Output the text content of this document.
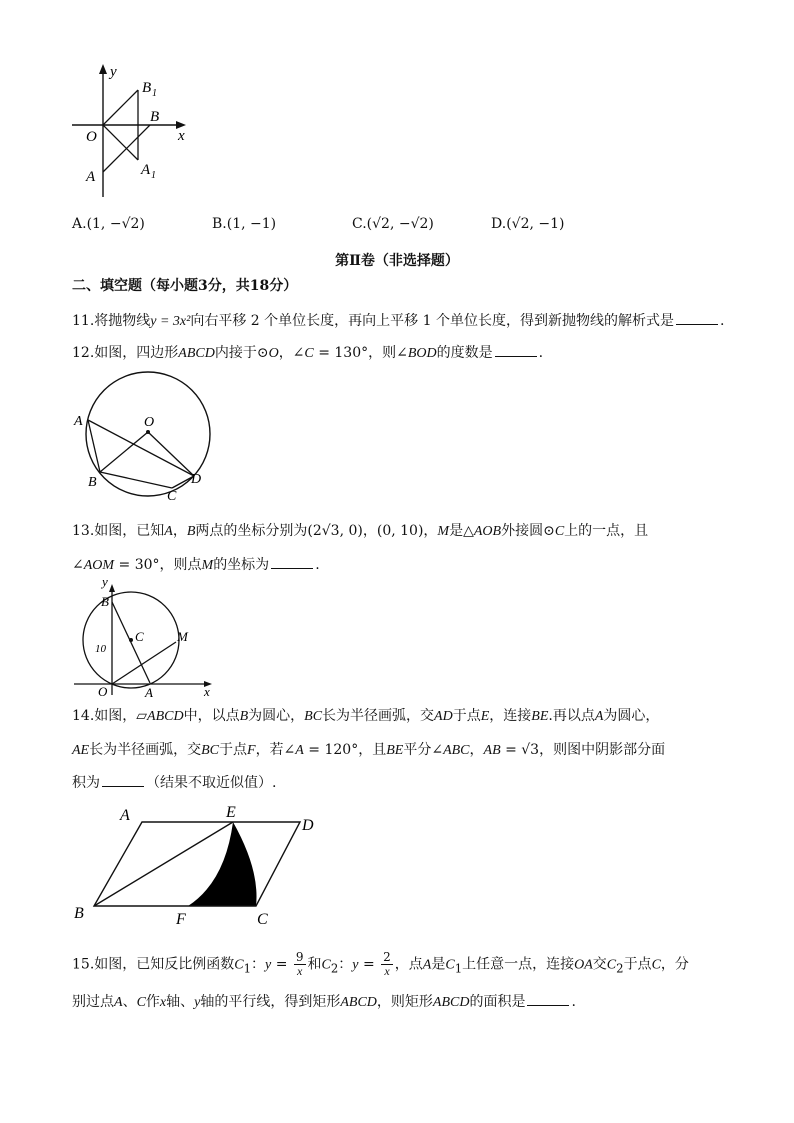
y
B 1
B
x
O
A	A 1
A.(1, −√2)	B.(1, −1)	C.(√2, −√2)	D.(√2, −1)
第Ⅱ卷（非选择题）
二、填空题（每小题3分，共18分）
11.将抛物线y = 3x²向右平移 2 个单位长度，再向上平移 1 个单位长度，得到新抛物线的解析式是	.
12.如图，四边形ABCD内接于⊙O，∠C = 130°，则∠BOD的度数是	.
A	O
B
C
D
13.如图，已知A，B两点的坐标分别为(2√3, 0)，(0, 10)，M是△AOB外接圆⊙C上的一点，且
∠AOM = 30°，则点M的坐标为	.
y
B
C	M
10
O	A	x
14.如图，▱ABCD中，以点B为圆心，BC长为半径画弧，交AD于点E，连接BE.再以点A为圆心，
AE长为半径画弧，交BC于点F，若∠A = 120°，且BE平分∠ABC，AB = √3，则图中阴影部分面
积为	（结果不取近似值）.
A	E
D
B	F	C
15.如图，已知反比例函数$C_1$：$y = \frac{9}{x}$ 和$C_2$：$y = \frac{2}{x}$ ，点A是$C_1$上任意一点，连接OA交$C_2$于点C，分
别过点A、C作x轴、y轴的平行线，得到矩形ABCD，则矩形ABCD的面积是	.
